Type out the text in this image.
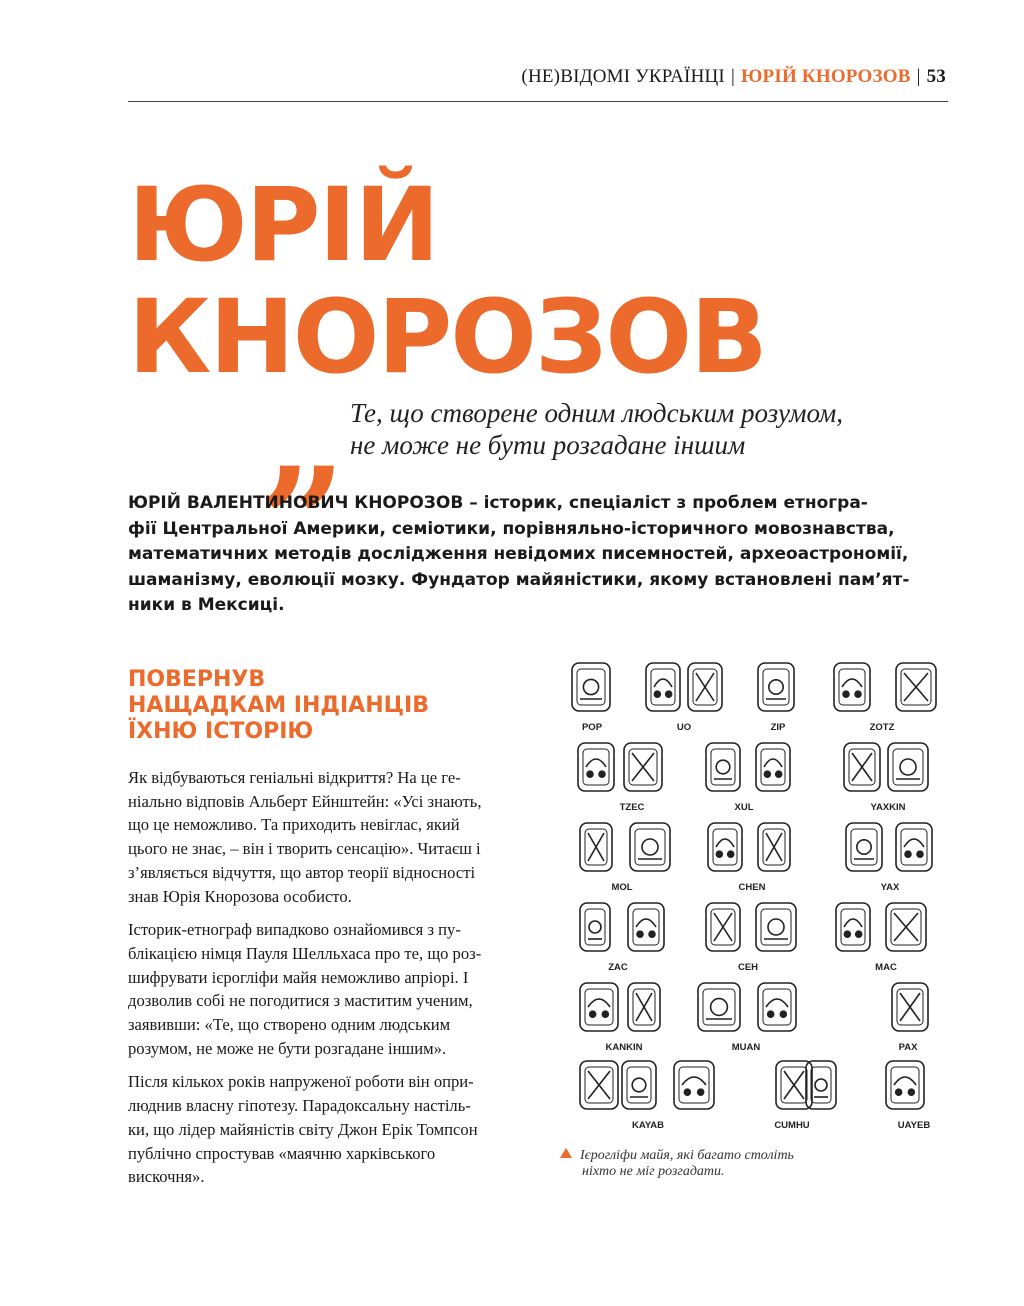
(НЕ)ВІДОМІ УКРАЇНЦІ | ЮРІЙ КНОРОЗОВ | 53
ЮРІЙ
КНОРОЗОВ
„ Те, що створене одним людським розумом,
не може не бути розгадане іншим
ЮРІЙ ВАЛЕНТИНОВИЧ КНОРОЗОВ – історик, спеціаліст з проблем етногра-
фії Центральної Америки, семіотики, порівняльно-історичного мовознавства,
математичних методів дослідження невідомих писемностей, археоастрономії,
шаманізму, еволюції мозку. Фундатор майяністики, якому встановлені пам’ят-
ники в Мексиці.
ПОВЕРНУВ
НАЩАДКАМ ІНДІАНЦІВ
ЇХНЮ ІСТОРІЮ

Як відбуваються геніальні відкриття? На це ге-
ніально відповів Альберт Ейнштейн: «Усі знають,
що це неможливо. Та приходить невіглас, який
цього не знає, – він і творить сенсацію». Читаєш і
з’являється відчуття, що автор теорії відносності
знав Юрія Кнорозова особисто.

Історик-етнограф випадково ознайомився з пу-
блікацією німця Пауля Шелльхаса про те, що роз-
шифрувати ієрогліфи майя неможливо апріорі. І
дозволив собі не погодитися з маститим ученим,
заявивши: «Те, що створено одним людським
розумом, не може не бути розгадане іншим».

Після кількох років напруженої роботи він опри-
люднив власну гіпотезу. Парадоксальну настіль-
ки, що лідер майяністів світу Джон Ерік Томпсон
публічно спростував «маячню харківського
вискочня».

POP	UO	ZIP	ZOTZ
TZEC	XUL	YAXKIN
MOL	CHEN	YAX
ZAC	CEH	MAC
KANKIN	MUAN	PAX
KAYAB	CUMHU	UAYEB
Ієрогліфи майя, які багато століть
ніхто не міг розгадати.
